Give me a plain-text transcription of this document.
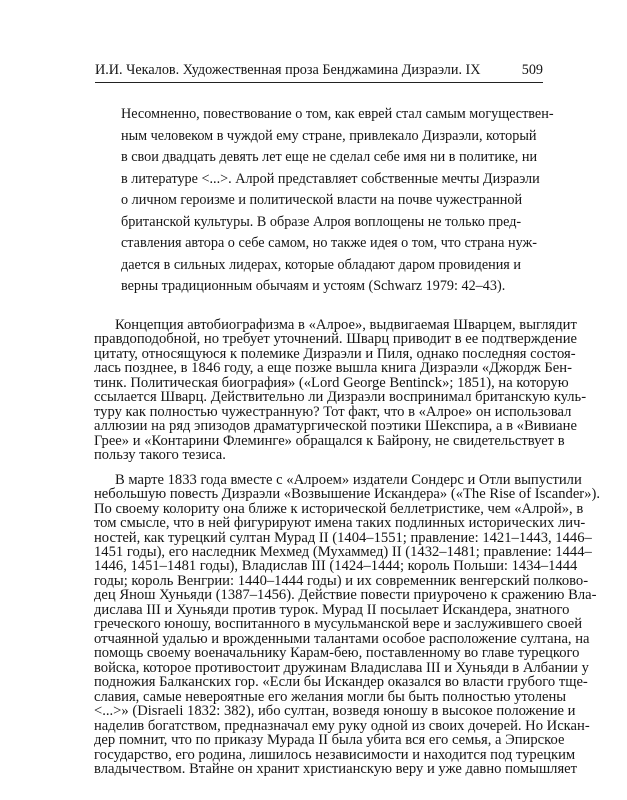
И.И. Чекалов. Художественная проза Бенджамина Дизраэли. IX	509

Несомненно, повествование о том, как еврей стал самым могуществен-

ным человеком в чуждой ему стране, привлекало Дизраэли, который

в свои двадцать девять лет еще не сделал себе имя ни в политике, ни

в литературе <...>. Алрой представляет собственные мечты Дизраэли

о личном героизме и политической власти на почве чужестранной

британской культуры. В образе Алроя воплощены не только пред-

ставления автора о себе самом, но также идея о том, что страна нуж-

дается в сильных лидерах, которые обладают даром провидения и

верны традиционным обычаям и устоям (Schwarz 1979: 42–43).

Концепция автобиографизма в «Алрое», выдвигаемая Шварцем, выглядит

правдоподобной, но требует уточнений. Шварц приводит в ее подтверждение

цитату, относящуюся к полемике Дизраэли и Пиля, однако последняя состоя-

лась позднее, в 1846 году, а еще позже вышла книга Дизраэли «Джордж Бен-

тинк. Политическая биография» («Lord George Bentinck»; 1851), на которую

ссылается Шварц. Действительно ли Дизраэли воспринимал британскую куль-

туру как полностью чужестранную? Тот факт, что в «Алрое» он использовал

аллюзии на ряд эпизодов драматургической поэтики Шекспира, а в «Вивиане

Грее» и «Контарини Флеминге» обращался к Байрону, не свидетельствует в

пользу такого тезиса.

В марте 1833 года вместе с «Алроем» издатели Сондерс и Отли выпустили

небольшую повесть Дизраэли «Возвышение Искандера» («The Rise of Iscander»).

По своему колориту она ближе к исторической беллетристике, чем «Алрой», в

том смысле, что в ней фигурируют имена таких подлинных исторических лич-

ностей, как турецкий султан Мурад II (1404–1551; правление: 1421–1443, 1446–

1451 годы), его наследник Мехмед (Мухаммед) II (1432–1481; правление: 1444–

1446, 1451–1481 годы), Владислав III (1424–1444; король Польши: 1434–1444

годы; король Венгрии: 1440–1444 годы) и их современник венгерский полково-

дец Янош Хуньяди (1387–1456). Действие повести приурочено к сражению Вла-

дислава III и Хуньяди против турок. Мурад II посылает Искандера, знатного

греческого юношу, воспитанного в мусульманской вере и заслужившего своей

отчаянной удалью и врожденными талантами особое расположение султана, на

помощь своему военачальнику Карам-бею, поставленному во главе турецкого

войска, которое противостоит дружинам Владислава III и Хуньяди в Албании у

подножия Балканских гор. «Если бы Искандер оказался во власти грубого тще-

славия, самые невероятные его желания могли бы быть полностью утолены

<...>» (Disraeli 1832: 382), ибо султан, возведя юношу в высокое положение и

наделив богатством, предназначал ему руку одной из своих дочерей. Но Искан-

дер помнит, что по приказу Мурада II была убита вся его семья, а Эпирское

государство, его родина, лишилось независимости и находится под турецким

владычеством. Втайне он хранит христианскую веру и уже давно помышляет
